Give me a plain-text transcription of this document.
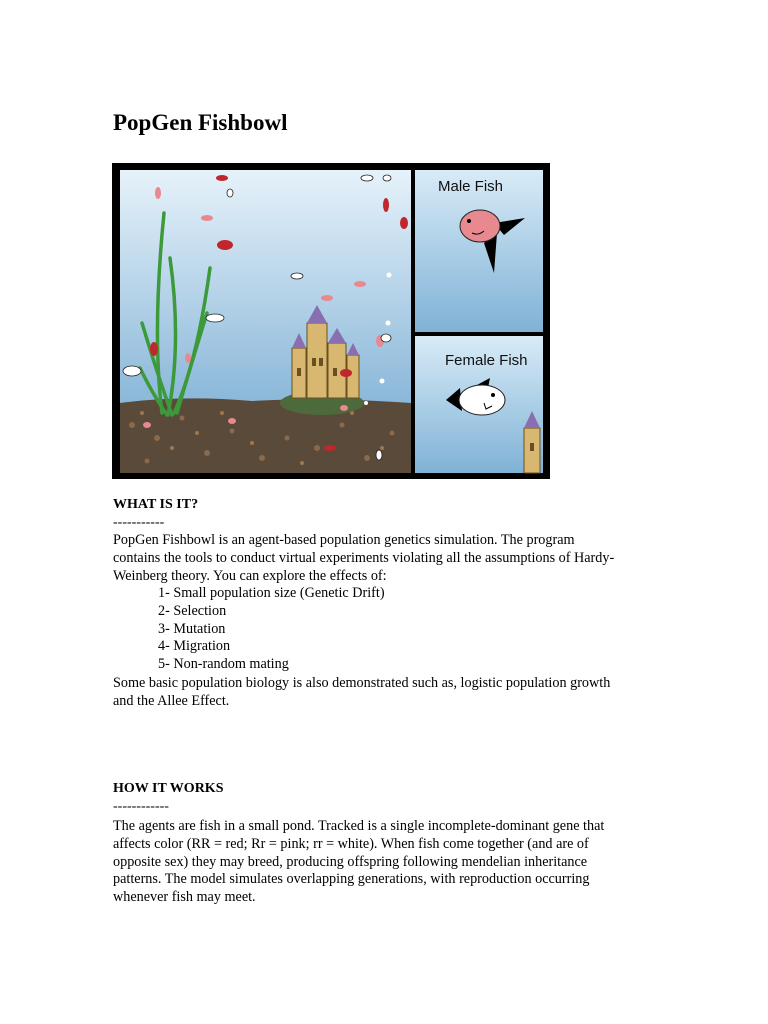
PopGen Fishbowl
Male Fish
Female Fish
WHAT IS IT?
-----------
PopGen Fishbowl is an agent-based population genetics simulation. The program
contains the tools to conduct virtual experiments violating all the assumptions of Hardy-
Weinberg theory. You can explore the effects of:
1- Small population size (Genetic Drift)
2- Selection
3- Mutation
4- Migration
5- Non-random mating
Some basic population biology is also demonstrated such as, logistic population growth
and the Allee Effect.
HOW IT WORKS
------------
The agents are fish in a small pond. Tracked is a single incomplete-dominant gene that
affects color (RR = red; Rr = pink; rr = white). When fish come together (and are of
opposite sex) they may breed, producing offspring following mendelian inheritance
patterns. The model simulates overlapping generations, with reproduction occurring
whenever fish may meet.
